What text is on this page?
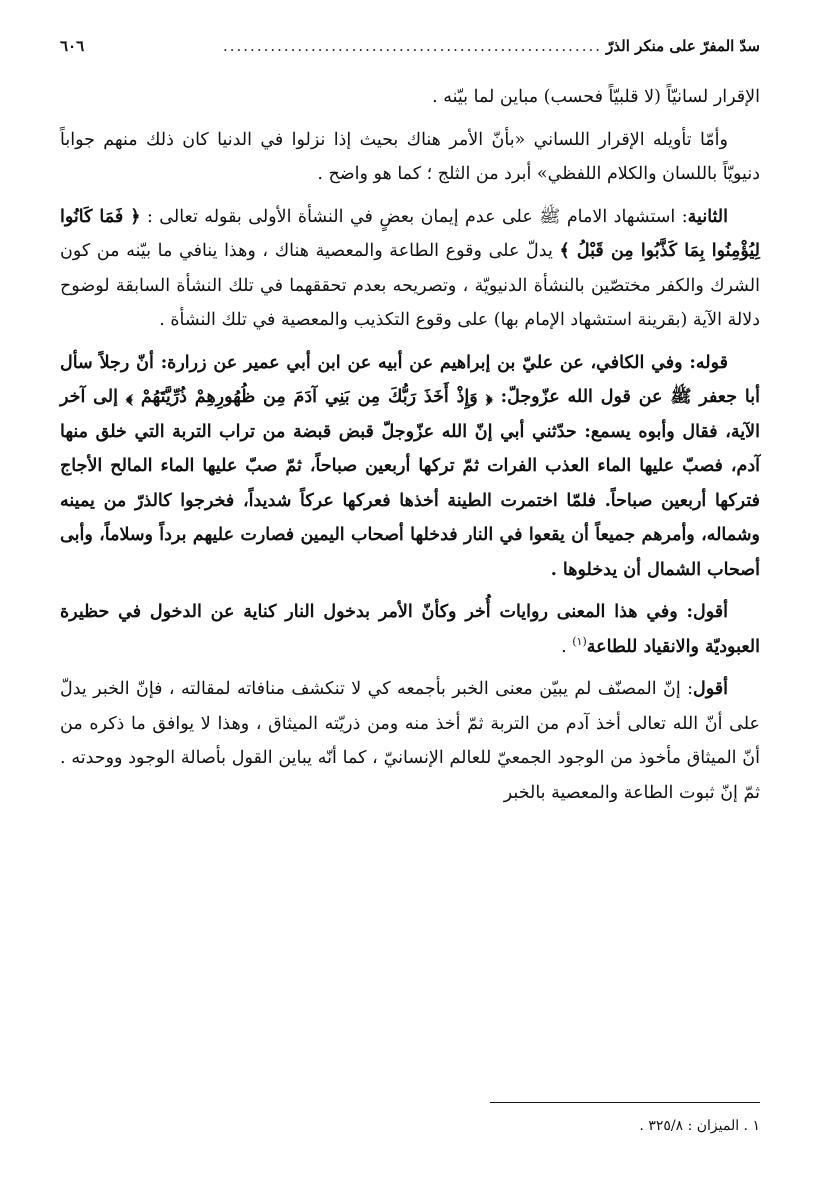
سدّ المفرّ على منكر الذرّ
........................................................
٦٠٦

الإقرار لسانيّاً (لا قلبيّاً فحسب) مباين لما بيّنه .

وأمّا تأويله الإقرار اللساني «بأنّ الأمر هناك بحيث إذا نزلوا في الدنيا كان ذلك منهم جواباً دنيويّاً باللسان والكلام اللفظي» أبرد من الثلج ؛ كما هو واضح .

الثانية: استشهاد الامام ﷺ على عدم إيمان بعضٍ في النشأة الأولى بقوله تعالى : ﴿ فَمَا كَانُوا لِيُؤْمِنُوا بِمَا كَذَّبُوا مِن قَبْلُ ﴾ يدلّ على وقوع الطاعة والمعصية هناك ، وهذا ينافي ما بيّنه من كون الشرك والكفر مختصّين بالنشأة الدنيويّة ، وتصريحه بعدم تحققهما في تلك النشأة السابقة لوضوح دلالة الآية (بقرينة استشهاد الإمام بها) على وقوع التكذيب والمعصية في تلك النشأة .

قوله: وفي الكافي، عن عليّ بن إبراهيم عن أبيه عن ابن أبي عمير عن زرارة: أنّ رجلاً سأل أبا جعفر ﷺ عن قول الله عزّوجلّ: ﴿ وَإِذْ أَخَذَ رَبُّكَ مِن بَنِي آدَمَ مِن ظُهُورِهِمْ ذُرِّيَّتَهُمْ ﴾ إلى آخر الآية، فقال وأبوه يسمع: حدّثني أبي إنّ الله عزّوجلّ قبض قبضة من تراب التربة التي خلق منها آدم، فصبّ عليها الماء العذب الفرات ثمّ تركها أربعين صباحاً، ثمّ صبّ عليها الماء المالح الأجاج فتركها أربعين صباحاً. فلمّا اختمرت الطينة أخذها فعركها عركاً شديداً، فخرجوا كالذرّ من يمينه وشماله، وأمرهم جميعاً أن يقعوا في النار فدخلها أصحاب اليمين فصارت عليهم برداً وسلاماً، وأبى أصحاب الشمال أن يدخلوها .

أقول: وفي هذا المعنى روايات أُخر وكأنّ الأمر بدخول النار كناية عن الدخول في حظيرة العبوديّة والانقياد للطاعة$^{(١)}$ .

أقول: إنّ المصنّف لم يبيّن معنى الخبر بأجمعه كي لا تنكشف منافاته لمقالته ، فإنّ الخبر يدلّ على أنّ الله تعالى أخذ آدم من التربة ثمّ أخذ منه ومن ذريّته الميثاق ، وهذا لا يوافق ما ذكره من أنّ الميثاق مأخوذ من الوجود الجمعيّ للعالم الإنسانيّ ، كما أنّه يباين القول بأصالة الوجود ووحدته . ثمّ إنّ ثبوت الطاعة والمعصية بالخبر

١ . الميزان : ٣٢٥/٨ .
